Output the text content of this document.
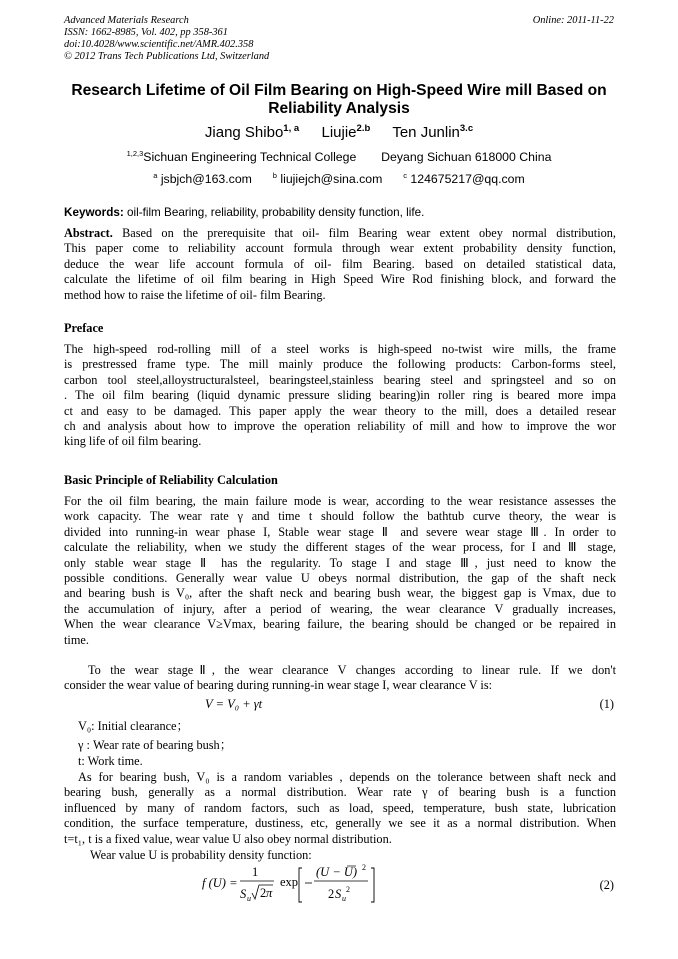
Advanced Materials Research
ISSN: 1662-8985, Vol. 402, pp 358-361
doi:10.4028/www.scientific.net/AMR.402.358
© 2012 Trans Tech Publications Ltd, Switzerland
Online: 2011-11-22
Research Lifetime of Oil Film Bearing on High-Speed Wire mill Based on
Reliability Analysis
Jiang Shibo$^{1, a}$ Liujie$^{2.b}$ Ten Junlin$^{3.c}$
$^{1,2,3}$Sichuan Engineering Technical College Deyang Sichuan 618000 China
$^a$ jsbjch@163.com	$^b$ liujiejch@sina.com	$^c$ 124675217@qq.com
Keywords: oil-film Bearing, reliability, probability density function, life.
Abstract. Based on the prerequisite that oil- film Bearing wear extent obey normal distribution,
This paper come to reliability account formula through wear extent probability density function,
deduce the wear life account formula of oil- film Bearing. based on detailed statistical data,
calculate the lifetime of oil film bearing in High Speed Wire Rod finishing block, and forward the
method how to raise the lifetime of oil- film Bearing.
Preface
The high-speed rod-rolling mill of a steel works is high-speed no-twist wire mills, the frame
is prestressed frame type. The mill mainly produce the following products: Carbon-forms steel,
carbon tool steel,alloystructuralsteel, bearingsteel,stainless bearing steel and springsteel and so on
. The oil film bearing (liquid dynamic pressure sliding bearing)in roller ring is beared more impa
ct and easy to be damaged. This paper apply the wear theory to the mill, does a detailed resear
ch and analysis about how to improve the operation reliability of mill and how to improve the wor
king life of oil film bearing.
Basic Principle of Reliability Calculation
For the oil film bearing, the main failure mode is wear, according to the wear resistance assesses the
work capacity. The wear rate γ and time t should follow the bathtub curve theory, the wear is
divided into running-in wear phase I, Stable wear stage Ⅱ and severe wear stage Ⅲ. In order to
calculate the reliability, when we study the different stages of the wear process, for I and Ⅲ stage,
only stable wear stage Ⅱ has the regularity. To stage I and stage Ⅲ, just need to know the
possible conditions. Generally wear value U obeys normal distribution, the gap of the shaft neck
and bearing bush is V₀, after the shaft neck and bearing bush wear, the biggest gap is Vmax, due to
the accumulation of injury, after a period of wearing, the wear clearance V gradually increases,
When the wear clearance V≥Vmax, bearing failure, the bearing should be changed or be repaired in
time.
To the wear stageⅡ, the wear clearance V changes according to linear rule. If we don't
consider the wear value of bearing during running-in wear stage I, wear clearance V is:
V = V₀ + γt	(1)
V₀: Initial clearance；
γ : Wear rate of bearing bush；
t: Work time.
As for bearing bush, V₀ is a random variables , depends on the tolerance between shaft neck and
bearing bush, generally as a normal distribution. Wear rate γ of bearing bush is a function
influenced by many of random factors, such as load, speed, temperature, bush state, lubrication
condition, the surface temperature, dustiness, etc, generally we see it as a normal distribution. When
t=t₁, t is a fixed value, wear value U also obey normal distribution.
Wear value U is probability density function:
f (U) =
1
S u 2 π
exp
(U − U) 2
2 S u
2	(2)
